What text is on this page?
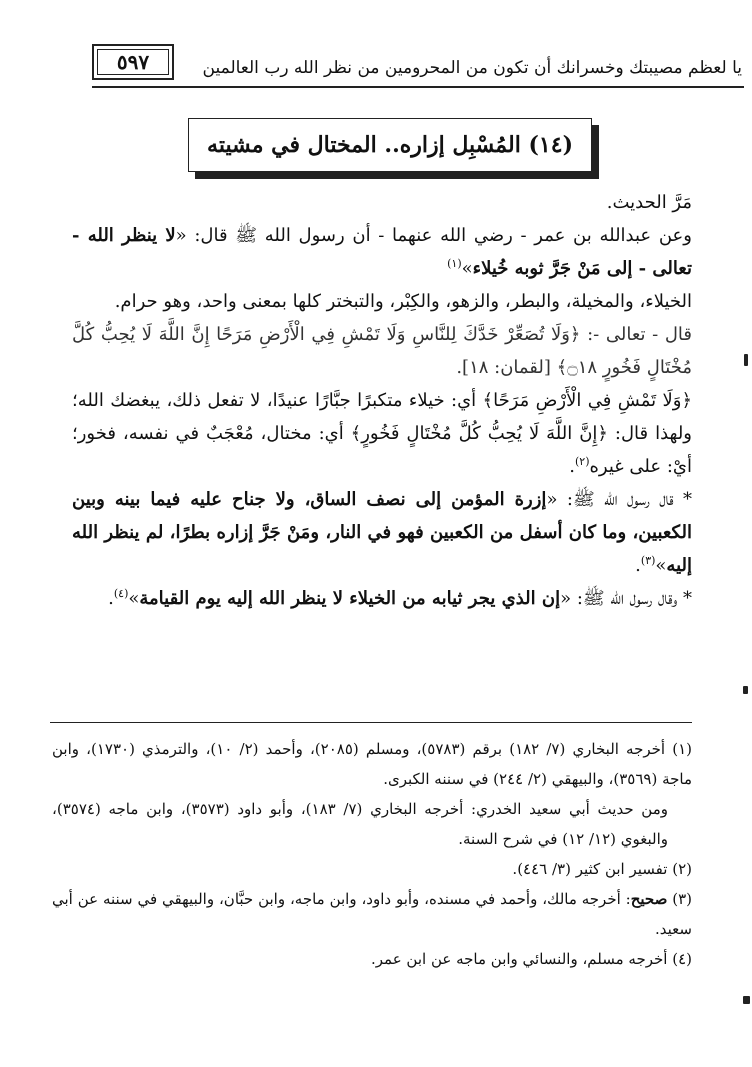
يا لعظم مصيبتك وخسرانك أن تكون من المحرومين من نظر الله رب العالمين
٥٩٧
(١٤) المُسْبِل إزاره.. المختال في مشيته

مَرَّ الحديث.

وعن عبدالله بن عمر - رضي الله عنهما - أن رسول الله ﷺ قال: «لا ينظر الله - تعالى - إلى مَنْ جَرَّ ثوبه خُيلاء»$^{(١)}$

الخيلاء، والمخيلة، والبطر، والزهو، والكِبْر، والتبختر كلها بمعنى واحد، وهو حرام.

قال - تعالى -: ﴿وَلَا تُصَعِّرْ خَدَّكَ لِلنَّاسِ وَلَا تَمْشِ فِي الْأَرْضِ مَرَحًا إِنَّ اللَّهَ لَا يُحِبُّ كُلَّ مُخْتَالٍ فَخُورٍ ۝١٨﴾ [لقمان: ١٨].

﴿وَلَا تَمْشِ فِي الْأَرْضِ مَرَحًا﴾ أي: خيلاء متكبرًا جبَّارًا عنيدًا، لا تفعل ذلك، يبغضك الله؛ ولهذا قال: ﴿إِنَّ اللَّهَ لَا يُحِبُّ كُلَّ مُخْتَالٍ فَخُورٍ﴾ أي: مختال، مُعْجَبٌ في نفسه، فخور؛ أيْ: على غيره$^{(٢)}$.

* قال رسول الله ﷺ: «إزرة المؤمن إلى نصف الساق، ولا جناح عليه فيما بينه وبين الكعبين، وما كان أسفل من الكعبين فهو في النار، ومَنْ جَرَّ إزاره بطرًا، لم ينظر الله إليه»$^{(٣)}$.

* وقال رسول الله ﷺ: «إن الذي يجر ثيابه من الخيلاء لا ينظر الله إليه يوم القيامة»$^{(٤)}$.

(١) أخرجه البخاري (٧/ ١٨٢) برقم (٥٧٨٣)، ومسلم (٢٠٨٥)، وأحمد (٢/ ١٠)، والترمذي (١٧٣٠)، وابن ماجة (٣٥٦٩)، والبيهقي (٢/ ٢٤٤) في سننه الكبرى.

ومن حديث أبي سعيد الخدري: أخرجه البخاري (٧/ ١٨٣)، وأبو داود (٣٥٧٣)، وابن ماجه (٣٥٧٤)، والبغوي (١٢/ ١٢) في شرح السنة.

(٢) تفسير ابن كثير (٣/ ٤٤٦).

(٣) صحيح: أخرجه مالك، وأحمد في مسنده، وأبو داود، وابن ماجه، وابن حبَّان، والبيهقي في سننه عن أبي سعيد.

(٤) أخرجه مسلم، والنسائي وابن ماجه عن ابن عمر.
